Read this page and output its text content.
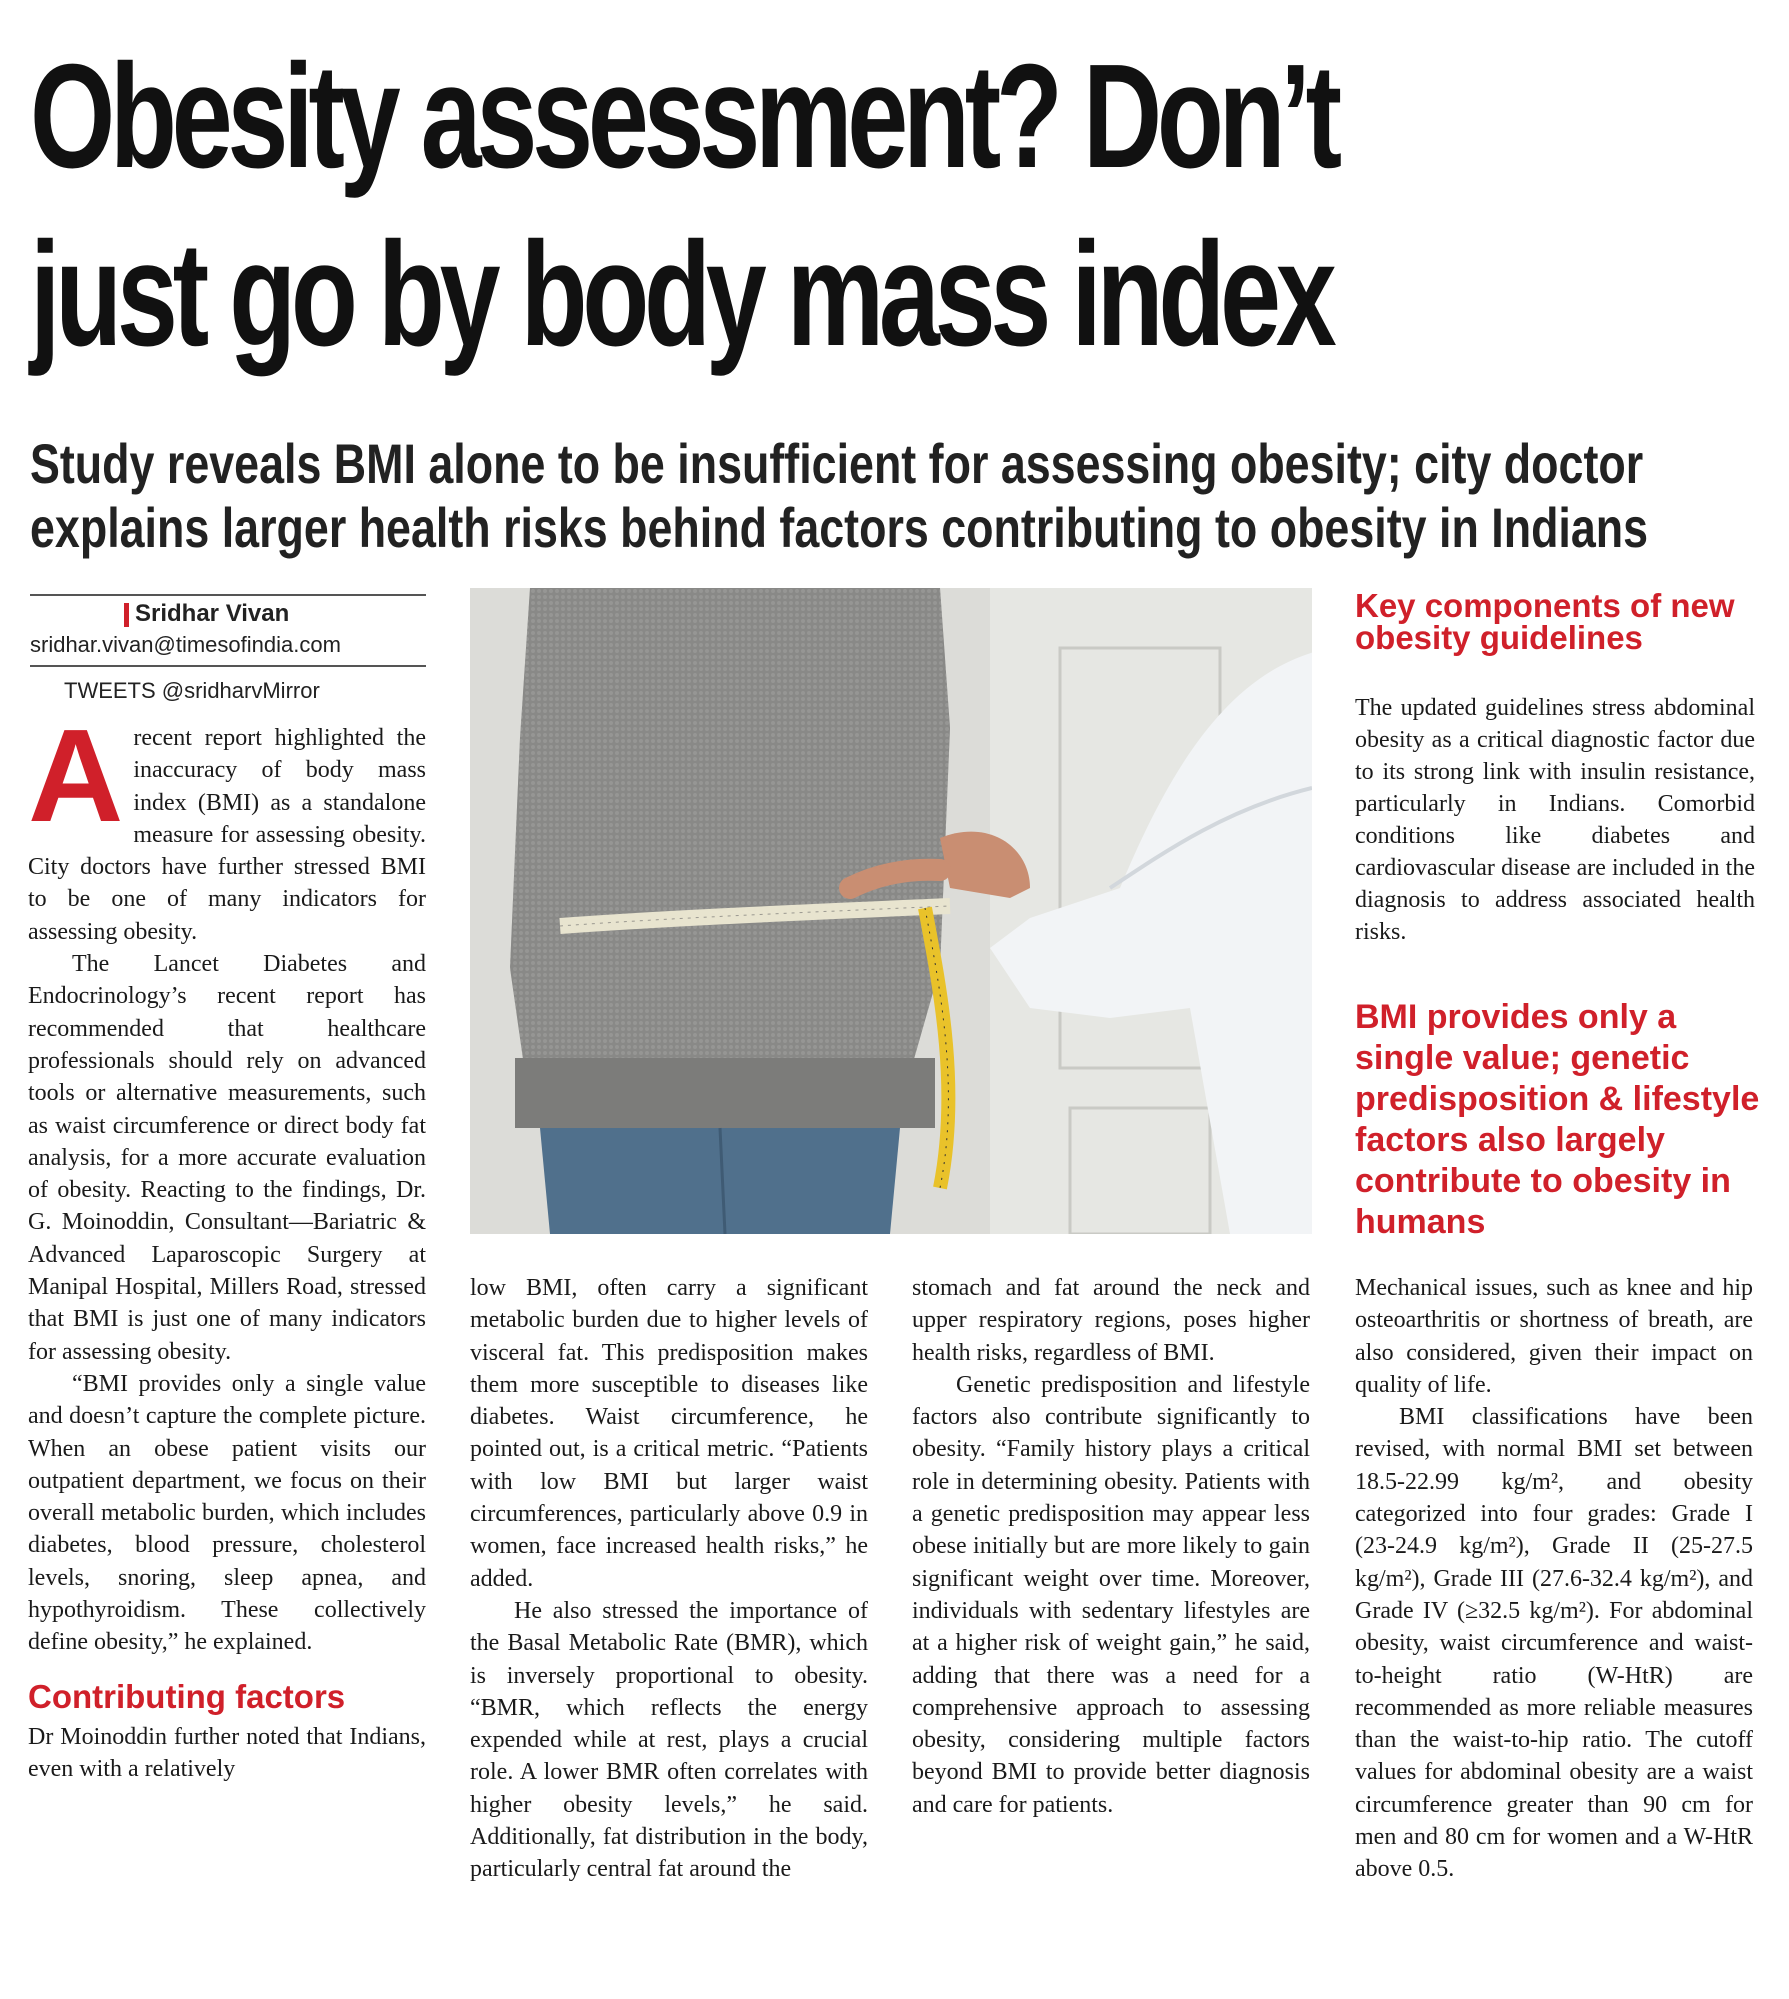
Obesity assessment? Don’t
just go by body mass index
Study reveals BMI alone to be insufficient for assessing obesity; city doctor
explains larger health risks behind factors contributing to obesity in Indians
Sridhar Vivan
sridhar.vivan@timesofindia.com
TWEETS @sridharvMirror

A recent report highlighted the inaccuracy of body mass index (BMI) as a standalone measure for assessing obesity. City doctors have further stressed BMI to be one of many indicators for assessing obesity.

The Lancet Diabetes and Endocrinology’s recent report has recommended that healthcare professionals should rely on advanced tools or alternative measurements, such as waist circumference or direct body fat analysis, for a more accurate evaluation of obesity. Reacting to the findings, Dr. G. Moinoddin, Consultant—Bariatric & Advanced Laparoscopic Surgery at Manipal Hospital, Millers Road, stressed that BMI is just one of many indicators for assessing obesity.

“BMI provides only a single value and doesn’t capture the complete picture. When an obese patient visits our outpatient department, we focus on their overall metabolic burden, which includes diabetes, blood pressure, cholesterol levels, snoring, sleep apnea, and hypothyroidism. These collectively define obesity,” he explained.

Contributing factors

Dr Moinoddin further noted that Indians, even with a relatively

Key components of new obesity guidelines
The updated guidelines stress abdominal obesity as a critical diagnostic factor due to its strong link with insulin resistance, particularly in Indians. Comorbid conditions like diabetes and cardiovascular disease are included in the diagnosis to address associated health risks.
BMI provides only a single value; genetic predisposition & lifestyle factors also largely contribute to obesity in humans

low BMI, often carry a significant metabolic burden due to higher levels of visceral fat. This predisposition makes them more susceptible to diseases like diabetes. Waist circumference, he pointed out, is a critical metric. “Patients with low BMI but larger waist circumferences, particularly above 0.9 in women, face increased health risks,” he added.

He also stressed the importance of the Basal Metabolic Rate (BMR), which is inversely proportional to obesity. “BMR, which reflects the energy expended while at rest, plays a crucial role. A lower BMR often correlates with higher obesity levels,” he said. Additionally, fat distribution in the body, particularly central fat around the

stomach and fat around the neck and upper respiratory regions, poses higher health risks, regardless of BMI.

Genetic predisposition and lifestyle factors also contribute significantly to obesity. “Family history plays a critical role in determining obesity. Patients with a genetic predisposition may appear less obese initially but are more likely to gain significant weight over time. Moreover, individuals with sedentary lifestyles are at a higher risk of weight gain,” he said, adding that there was a need for a comprehensive approach to assessing obesity, considering multiple factors beyond BMI to provide better diagnosis and care for patients.

Mechanical issues, such as knee and hip osteoarthritis or shortness of breath, are also considered, given their impact on quality of life.

BMI classifications have been revised, with normal BMI set between 18.5-22.99 kg/m², and obesity categorized into four grades: Grade I (23-24.9 kg/m²), Grade II (25-27.5 kg/m²), Grade III (27.6-32.4 kg/m²), and Grade IV (≥32.5 kg/m²). For abdominal obesity, waist circumference and waist-to-height ratio (W-HtR) are recommended as more reliable measures than the waist-to-hip ratio. The cutoff values for abdominal obesity are a waist circumference greater than 90 cm for men and 80 cm for women and a W-HtR above 0.5.
